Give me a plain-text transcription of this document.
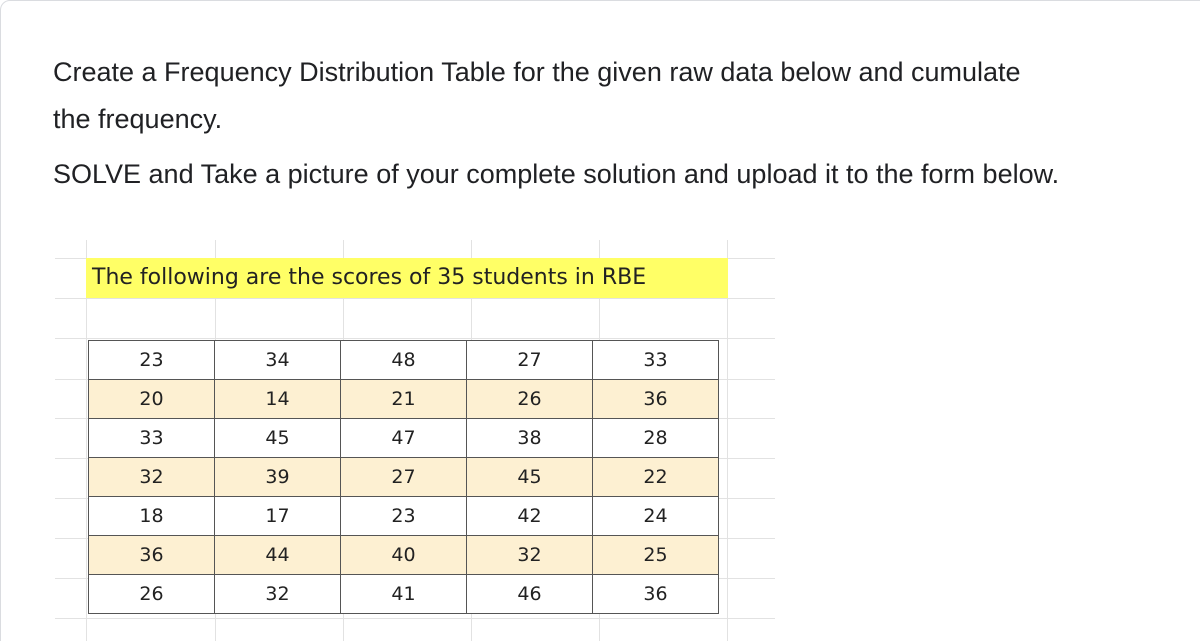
Create a Frequency Distribution Table for the given raw data below and cumulate

the frequency.

SOLVE and Take a picture of your complete solution and upload it to the form below.

The following are the scores of 35 students in RBE
23	34	48	27	33
20	14	21	26	36
33	45	47	38	28
32	39	27	45	22
18	17	23	42	24
36	44	40	32	25
26	32	41	46	36
